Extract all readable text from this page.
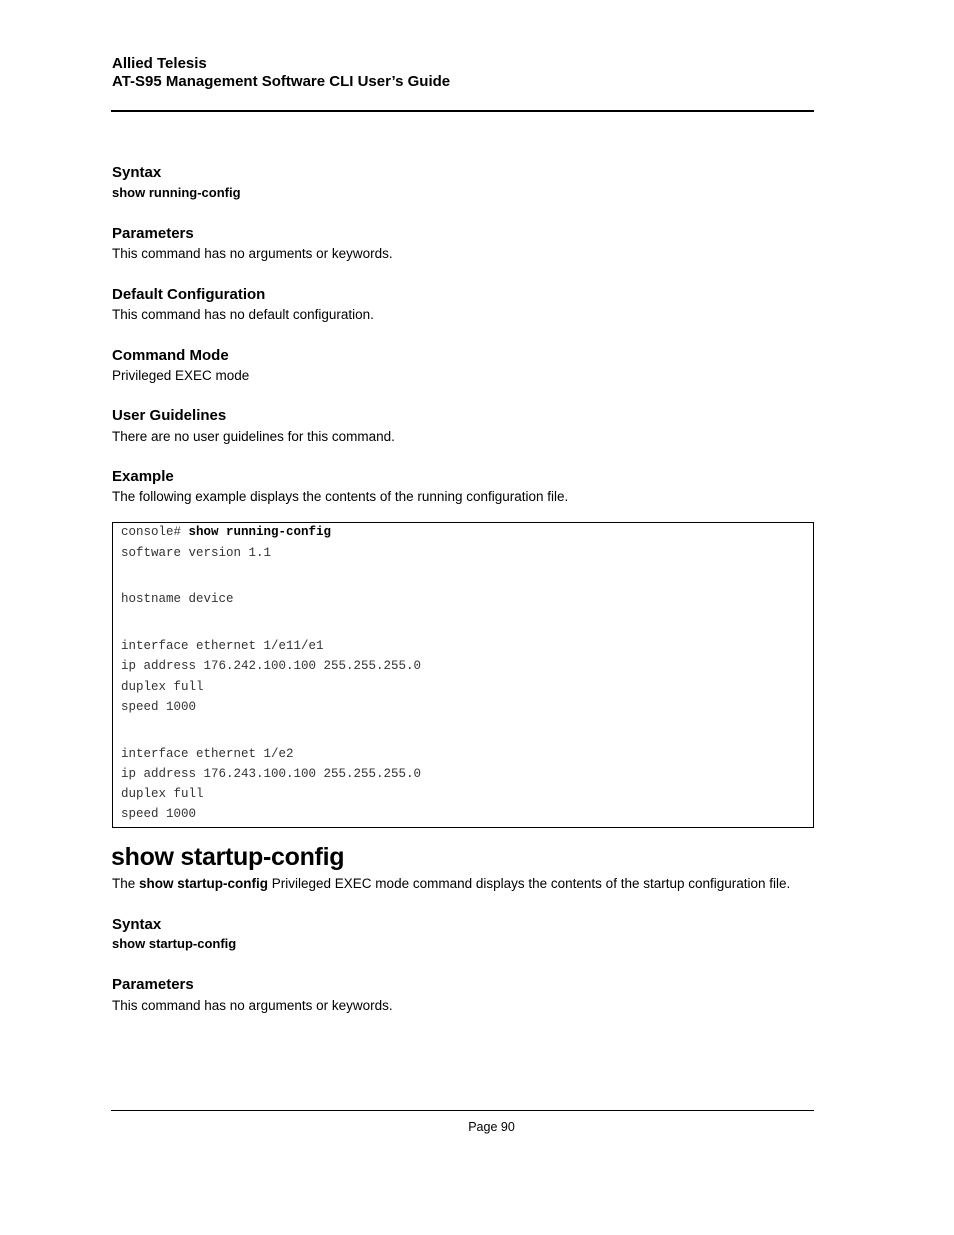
Allied Telesis
AT-S95 Management Software CLI User’s Guide
Syntax
show running-config
Parameters
This command has no arguments or keywords.
Default Configuration
This command has no default configuration.
Command Mode
Privileged EXEC mode
User Guidelines
There are no user guidelines for this command.
Example
The following example displays the contents of the running configuration file.
console# show running-config
software version 1.1
hostname device
interface ethernet 1/e11/e1
ip address 176.242.100.100 255.255.255.0
duplex full
speed 1000
interface ethernet 1/e2
ip address 176.243.100.100 255.255.255.0
duplex full
speed 1000
show startup-config
The show startup-config Privileged EXEC mode command displays the contents of the startup configuration file.
Syntax
show startup-config
Parameters
This command has no arguments or keywords.
Page 90
